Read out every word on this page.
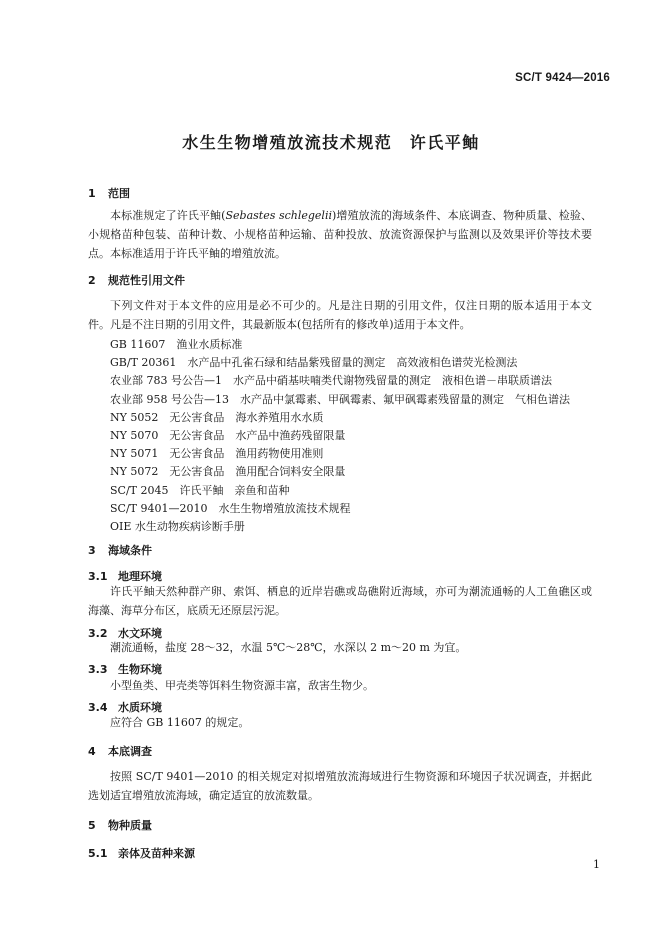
SC/T 9424—2016
水生生物增殖放流技术规范　许氏平鲉
1 范围
本标准规定了许氏平鲉(Sebastes schlegelii)增殖放流的海域条件、本底调查、物种质量、检验、小规格苗种包装、苗种计数、小规格苗种运输、苗种投放、放流资源保护与监测以及效果评价等技术要点。 本标准适用于许氏平鲉的增殖放流。
2 规范性引用文件
下列文件对于本文件的应用是必不可少的。凡是注日期的引用文件，仅注日期的版本适用于本文件。凡是不注日期的引用文件，其最新版本(包括所有的修改单)适用于本文件。
GB 11607　渔业水质标准
GB/T 20361　水产品中孔雀石绿和结晶紫残留量的测定　高效液相色谱荧光检测法
农业部 783 号公告—1　水产品中硝基呋喃类代谢物残留量的测定　液相色谱－串联质谱法
农业部 958 号公告—13　水产品中氯霉素、甲砜霉素、氟甲砜霉素残留量的测定　气相色谱法
NY 5052　无公害食品　海水养殖用水水质
NY 5070　无公害食品　水产品中渔药残留限量
NY 5071　无公害食品　渔用药物使用准则
NY 5072　无公害食品　渔用配合饲料安全限量
SC/T 2045　许氏平鲉　亲鱼和苗种
SC/T 9401—2010　水生生物增殖放流技术规程
OIE 水生动物疾病诊断手册
3 海域条件
3.1 地理环境
许氏平鲉天然种群产卵、索饵、栖息的近岸岩礁或岛礁附近海域，亦可为潮流通畅的人工鱼礁区或海藻、海草分布区，底质无还原层污泥。
3.2 水文环境
潮流通畅，盐度 28～32，水温 5℃～28℃，水深以 2 m～20 m 为宜。
3.3 生物环境
小型鱼类、甲壳类等饵料生物资源丰富，敌害生物少。
3.4 水质环境
应符合 GB 11607 的规定。
4 本底调查
按照 SC/T 9401—2010 的相关规定对拟增殖放流海域进行生物资源和环境因子状况调查，并据此选划适宜增殖放流海域，确定适宜的放流数量。
5 物种质量
5.1 亲体及苗种来源
1
